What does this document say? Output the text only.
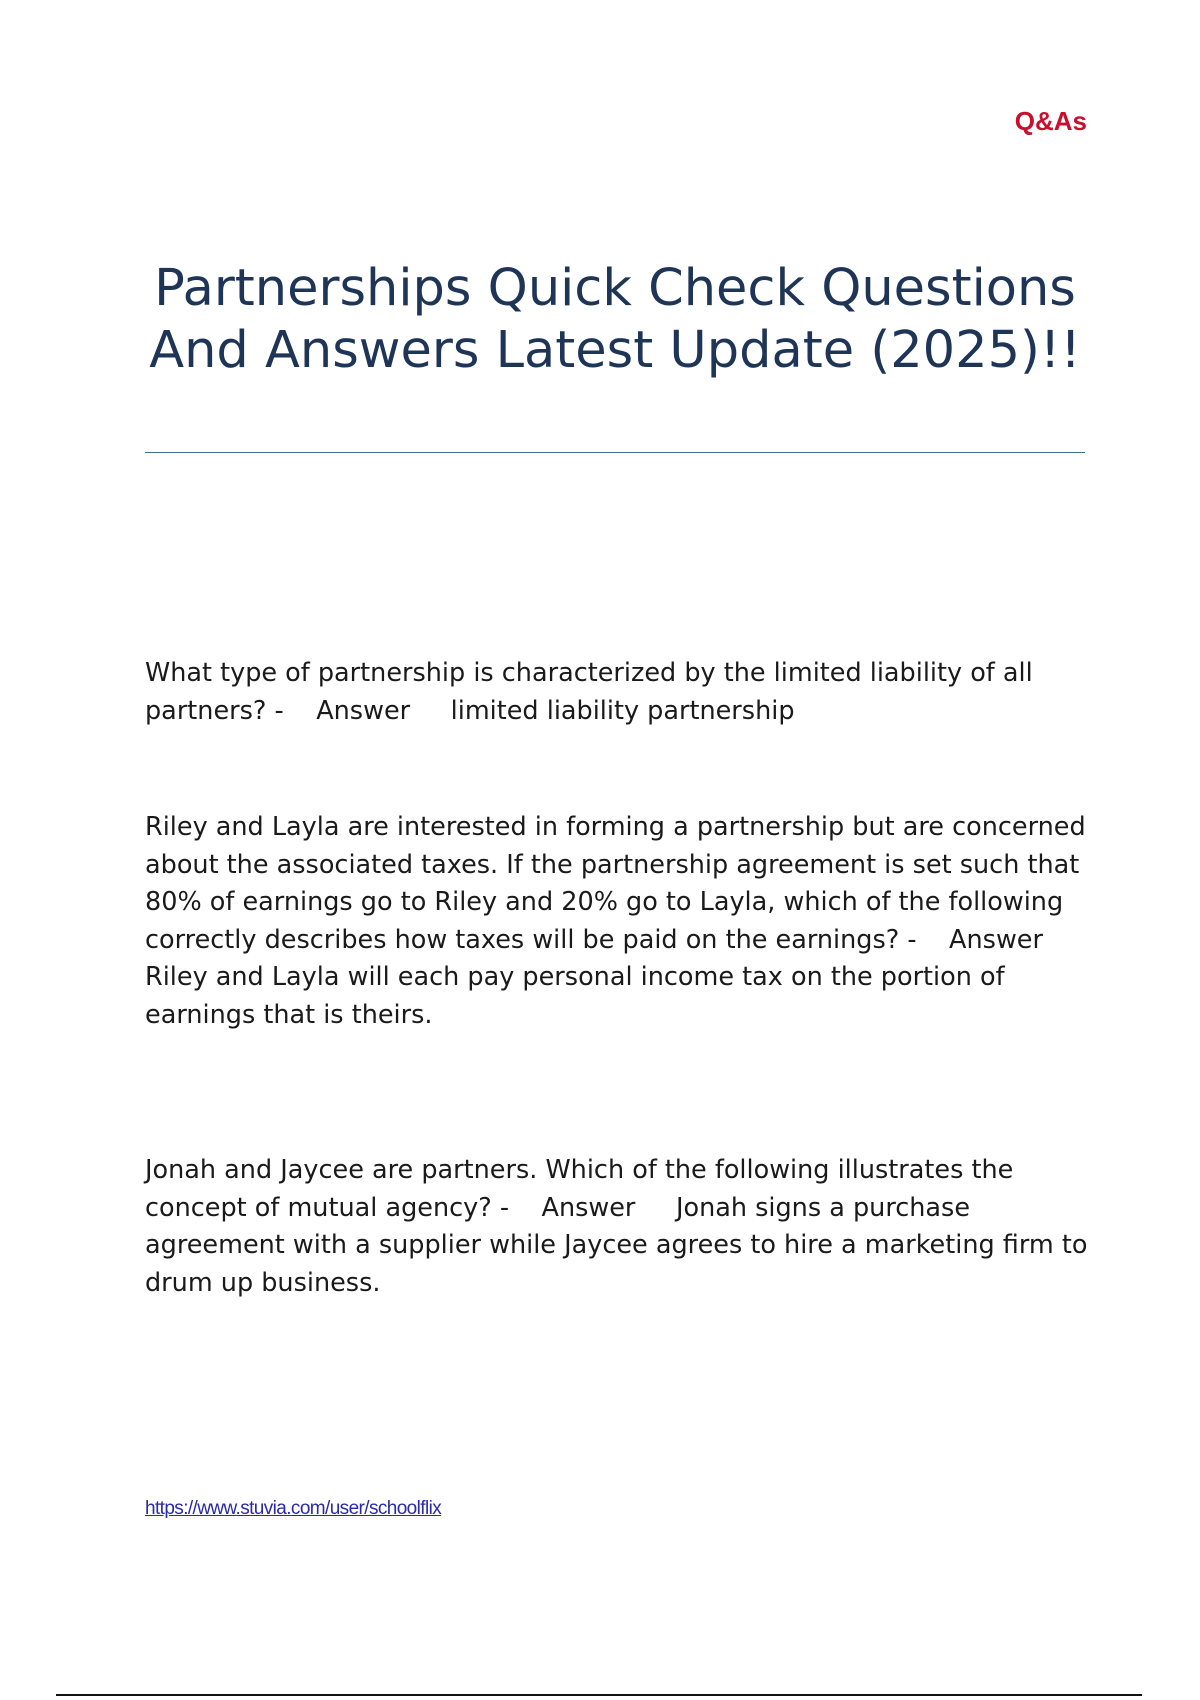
Q&As
Partnerships Quick Check Questions And Answers Latest Update (2025)!!
What type of partnership is characterized by the limited liability of all partners? - Answer limited liability partnership
Riley and Layla are interested in forming a partnership but are concerned about the associated taxes. If the partnership agreement is set such that 80% of earnings go to Riley and 20% go to Layla, which of the following correctly describes how taxes will be paid on the earnings? - Answer     Riley and Layla will each pay personal income tax on the portion of earnings that is theirs.
Jonah and Jaycee are partners. Which of the following illustrates the concept of mutual agency? - Answer Jonah signs a purchase agreement with a supplier while Jaycee agrees to hire a marketing firm to drum up business.
https://www.stuvia.com/user/schoolflix
